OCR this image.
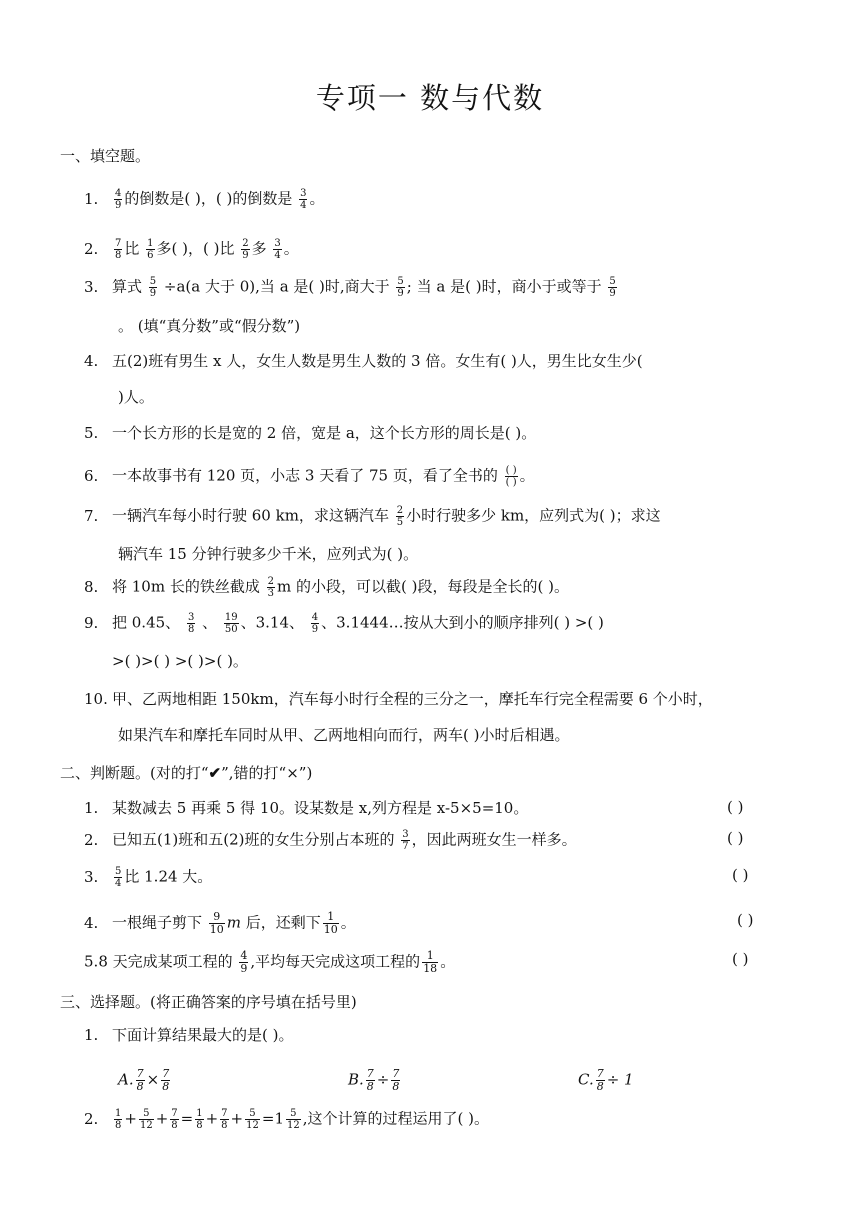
专项一 数与代数
一、填空题。
1. $\frac{4}{9}$ 的倒数是( )，( )的倒数是 $\frac{3}{4}$ 。
2. $\frac{7}{8}$ 比 $\frac{1}{6}$ 多( )，( )比 $\frac{2}{9}$ 多 $\frac{3}{4}$ 。
3. 算式 $\frac{5}{9} \div a(a$ 大于 0),当 a 是( )时,商大于 $\frac{5}{9}$ ; 当 a 是( )时，商小于或等于 $\frac{5}{9}$
。 (填“真分数”或“假分数”)
4. 五(2)班有男生 x 人，女生人数是男生人数的 3 倍。女生有( )人，男生比女生少(
)人。
5. 一个长方形的长是宽的 2 倍，宽是 a，这个长方形的周长是( )。
6. 一本故事书有 120 页，小志 3 天看了 75 页，看了全书的 $\frac{( )}{( )}$ 。
7. 一辆汽车每小时行驶 60 km，求这辆汽车 $\frac{2}{5}$ 小时行驶多少 km，应列式为( )；求这
辆汽车 15 分钟行驶多少千米，应列式为( )。
8. 将 10m 长的铁丝截成 $\frac{2}{3}$ m 的小段，可以截( )段，每段是全长的( )。
9. 把 0.45、 $\frac{3}{8}$ 、 $\frac{19}{50}$ 、3.14、 $\frac{4}{9}$ 、3.1444…按从大到小的顺序排列( ) >( )
>( )>( ) >( )>( )。
10. 甲、乙两地相距 150km，汽车每小时行全程的三分之一，摩托车行完全程需要 6 个小时，
如果汽车和摩托车同时从甲、乙两地相向而行，两车( )小时后相遇。
二、判断题。(对的打“✔”,错的打“×”)
1. 某数减去 5 再乘 5 得 10。设某数是 x,列方程是 x-5×5=10。	( )
2. 已知五(1)班和五(2)班的女生分别占本班的 $\frac{3}{7}$ ，因此两班女生一样多。	( )
3. $\frac{5}{4}$ 比 1.24 大。	( )
4. 一根绳子剪下 $\frac{9}{10}$ m 后，还剩下 $\frac{1}{10}$ 。	( )
5.8 天完成某项工程的 $\frac{4}{9}$ ,平均每天完成这项工程的 $\frac{1}{18}$ 。	( )
三、选择题。(将正确答案的序号填在括号里)
1. 下面计算结果最大的是( )。
A. $\frac{7}{8} \times \frac{7}{8}$	B. $\frac{7}{8} \div \frac{7}{8}$	C. $\frac{7}{8} \div 1$
2. $\frac{1}{8} + \frac{5}{12} + \frac{7}{8} = \frac{1}{8} + \frac{7}{8} + \frac{5}{12} =1 \frac{5}{12}$ ,这个计算的过程运用了( )。
